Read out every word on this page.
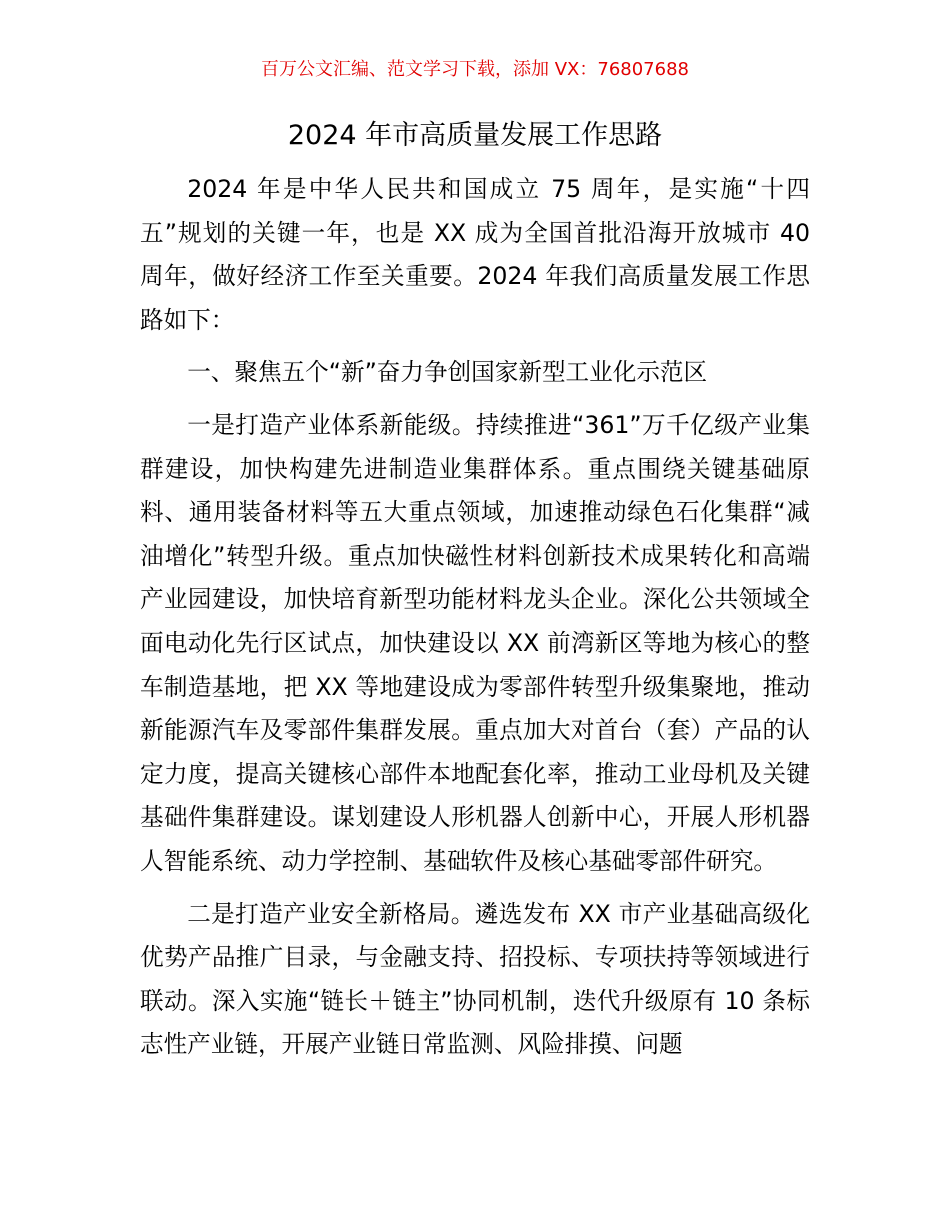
百万公文汇编、范文学习下载，添加 VX：76807688
2024 年市高质量发展工作思路

2024 年是中华人民共和国成立 75 周年，是实施“十四五”规划的关键一年，也是 XX 成为全国首批沿海开放城市 40 周年，做好经济工作至关重要。2024 年我们高质量发展工作思路如下：

一、聚焦五个“新”奋力争创国家新型工业化示范区

一是打造产业体系新能级。持续推进“361”万千亿级产业集群建设，加快构建先进制造业集群体系。重点围绕关键基础原料、通用装备材料等五大重点领域，加速推动绿色石化集群“减油增化”转型升级。重点加快磁性材料创新技术成果转化和高端产业园建设，加快培育新型功能材料龙头企业。深化公共领域全面电动化先行区试点，加快建设以 XX 前湾新区等地为核心的整车制造基地，把 XX 等地建设成为零部件转型升级集聚地，推动新能源汽车及零部件集群发展。重点加大对首台（套）产品的认定力度，提高关键核心部件本地配套化率，推动工业母机及关键基础件集群建设。谋划建设人形机器人创新中心，开展人形机器人智能系统、动力学控制、基础软件及核心基础零部件研究。

二是打造产业安全新格局。遴选发布 XX 市产业基础高级化优势产品推广目录，与金融支持、招投标、专项扶持等领域进行联动。深入实施“链长＋链主”协同机制，迭代升级原有 10 条标志性产业链，开展产业链日常监测、风险排摸、问题
